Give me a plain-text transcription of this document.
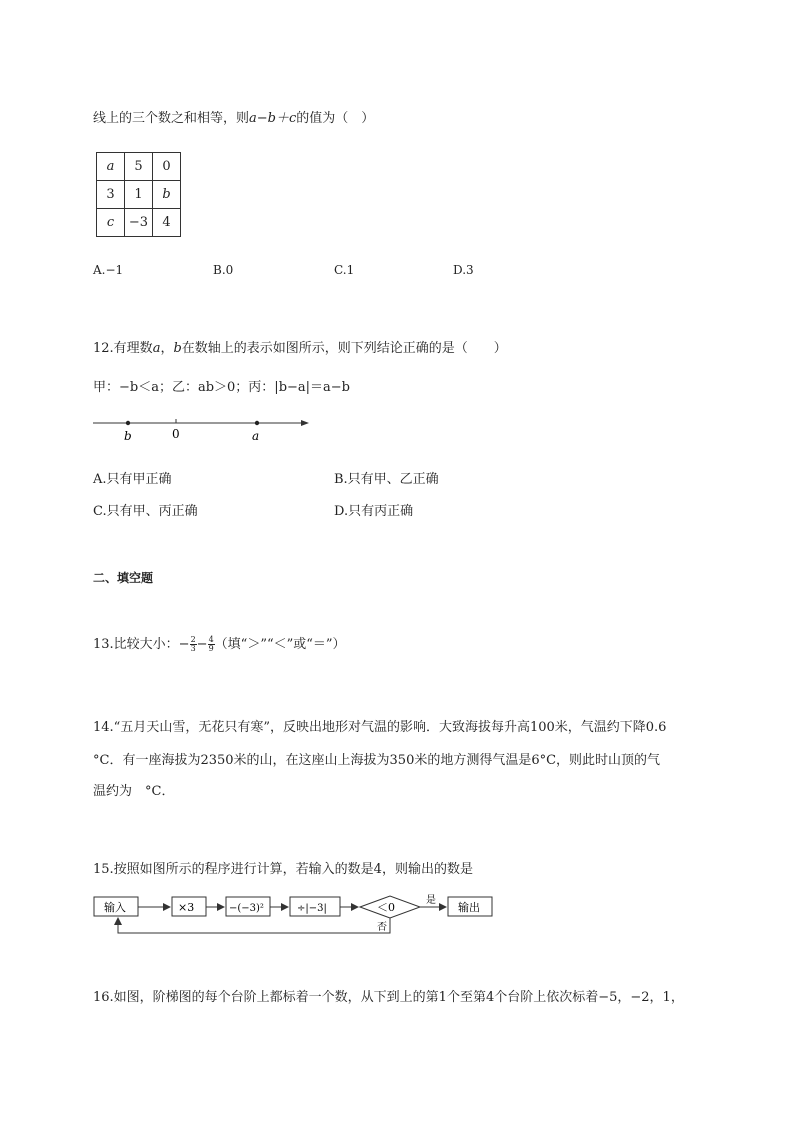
线上的三个数之和相等，则a−b＋c的值为（　）
a	5	0
3	1	b
c	−3	4
A.−1	B.0	C.1	D.3
12.有理数a，b在数轴上的表示如图所示，则下列结论正确的是（　　）
甲：−b＜a；乙：ab＞0；丙：|b−a|＝a−b
b	0	a
A.只有甲正确	B.只有甲、乙正确
C.只有甲、丙正确	D.只有丙正确
二、填空题
13.比较大小：− $\frac{2}{3} - \frac{4}{9}$ （填“＞”“＜”或“＝”）
14.“五月天山雪，无花只有寒”，反映出地形对气温的影响．大致海拔每升高100米，气温约下降0.6
°C．有一座海拔为2350米的山，在这座山上海拔为350米的地方测得气温是6°C，则此时山顶的气
温约为　°C．
15.按照如图所示的程序进行计算，若输入的数是4，则输出的数是
输入	×3	−(−3)²	÷|−3|	＜0
是
输出
否
16.如图，阶梯图的每个台阶上都标着一个数，从下到上的第1个至第4个台阶上依次标着−5，−2，1，
